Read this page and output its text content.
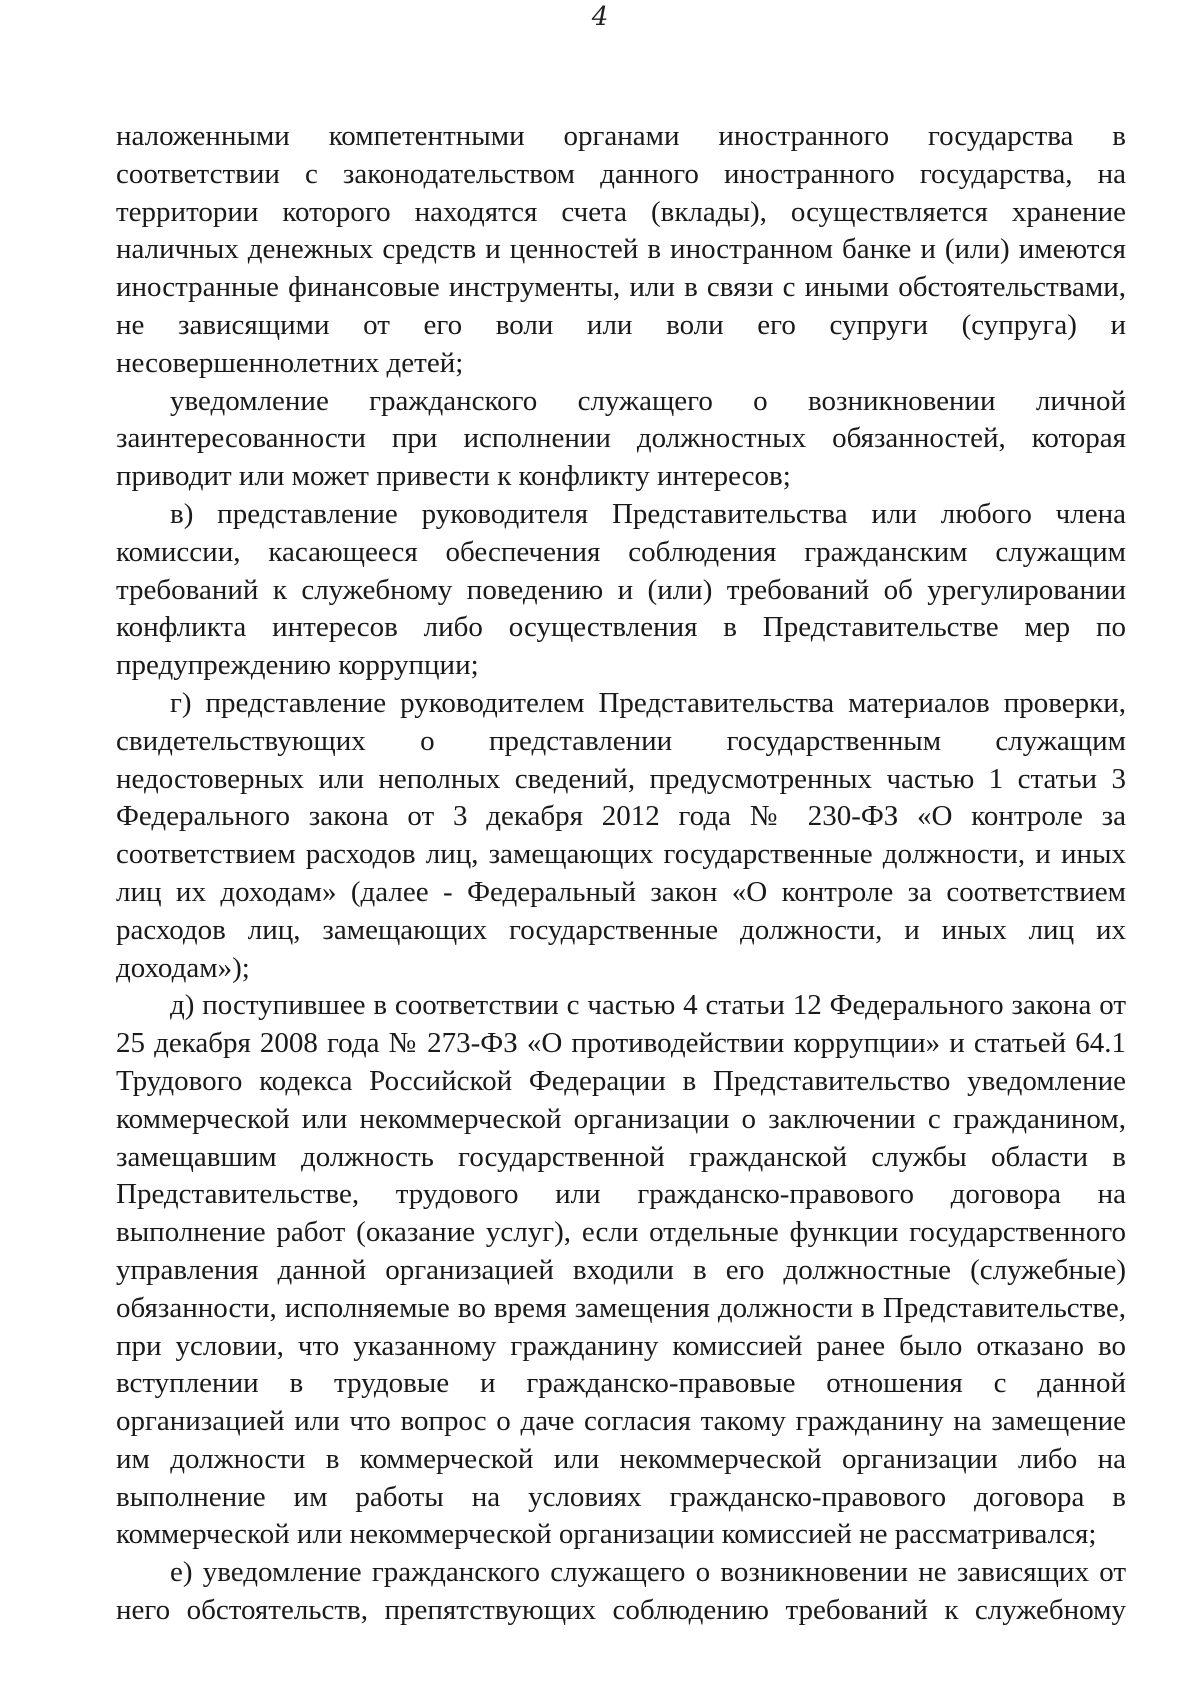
4

наложенными компетентными органами иностранного государства в соответствии с законодательством данного иностранного государства, на территории которого находятся счета (вклады), осуществляется хранение наличных денежных средств и ценностей в иностранном банке и (или) имеются иностранные финансовые инструменты, или в связи с иными обстоятельствами, не зависящими от его воли или воли его супруги (супруга) и несовершеннолетних детей;

уведомление гражданского служащего о возникновении личной заинтересованности при исполнении должностных обязанностей, которая приводит или может привести к конфликту интересов;

в) представление руководителя Представительства или любого члена комиссии, касающееся обеспечения соблюдения гражданским служащим требований к служебному поведению и (или) требований об урегулировании конфликта интересов либо осуществления в Представительстве мер по предупреждению коррупции;

г) представление руководителем Представительства материалов проверки, свидетельствующих о представлении государственным служащим недостоверных или неполных сведений, предусмотренных частью 1 статьи 3 Федерального закона от 3 декабря 2012 года № 230-ФЗ «О контроле за соответствием расходов лиц, замещающих государственные должности, и иных лиц их доходам» (далее - Федеральный закон «О контроле за соответствием расходов лиц, замещающих государственные должности, и иных лиц их доходам»);

д) поступившее в соответствии с частью 4 статьи 12 Федерального закона от 25 декабря 2008 года № 273-ФЗ «О противодействии коррупции» и статьей 64.1 Трудового кодекса Российской Федерации в Представительство уведомление коммерческой или некоммерческой организации о заключении с гражданином, замещавшим должность государственной гражданской службы области в Представительстве, трудового или гражданско-правового договора на выполнение работ (оказание услуг), если отдельные функции государственного управления данной организацией входили в его должностные (служебные) обязанности, исполняемые во время замещения должности в Представительстве, при условии, что указанному гражданину комиссией ранее было отказано во вступлении в трудовые и гражданско-правовые отношения с данной организацией или что вопрос о даче согласия такому гражданину на замещение им должности в коммерческой или некоммерческой организации либо на выполнение им работы на условиях гражданско-правового договора в коммерческой или некоммерческой организации комиссией не рассматривался;

е) уведомление гражданского служащего о возникновении не зависящих от него обстоятельств, препятствующих соблюдению требований к служебному
